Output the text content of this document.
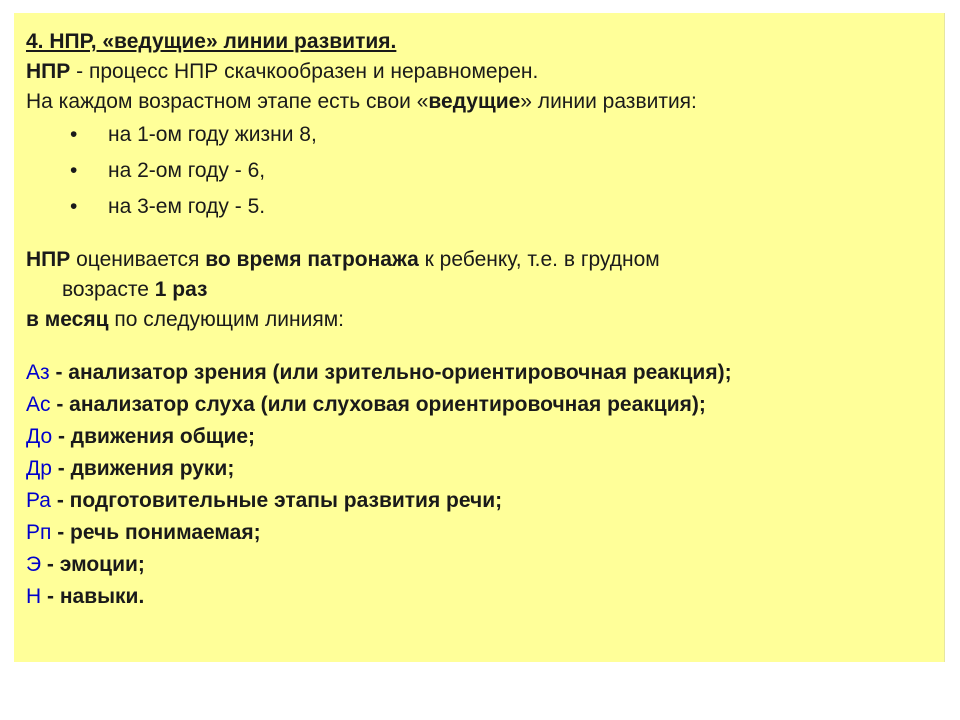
4. НПР, «ведущие» линии развития.

НПР - процесс НПР скачкообразен и неравномерен.

На каждом возрастном этапе есть свои «ведущие» линии развития:

• на 1-ом году жизни 8,
• на 2-ом году - 6,
• на 3-ем году - 5.

НПР оценивается во время патронажа к ребенку, т.е. в грудном

возрасте 1 раз

в месяц по следующим линиям:

Аз - анализатор зрения (или зрительно-ориентировочная реакция);

Ас - анализатор слуха (или слуховая ориентировочная реакция);

До - движения общие;

Др - движения руки;

Ра - подготовительные этапы развития речи;

Рп - речь понимаемая;

Э - эмоции;

Н - навыки.
